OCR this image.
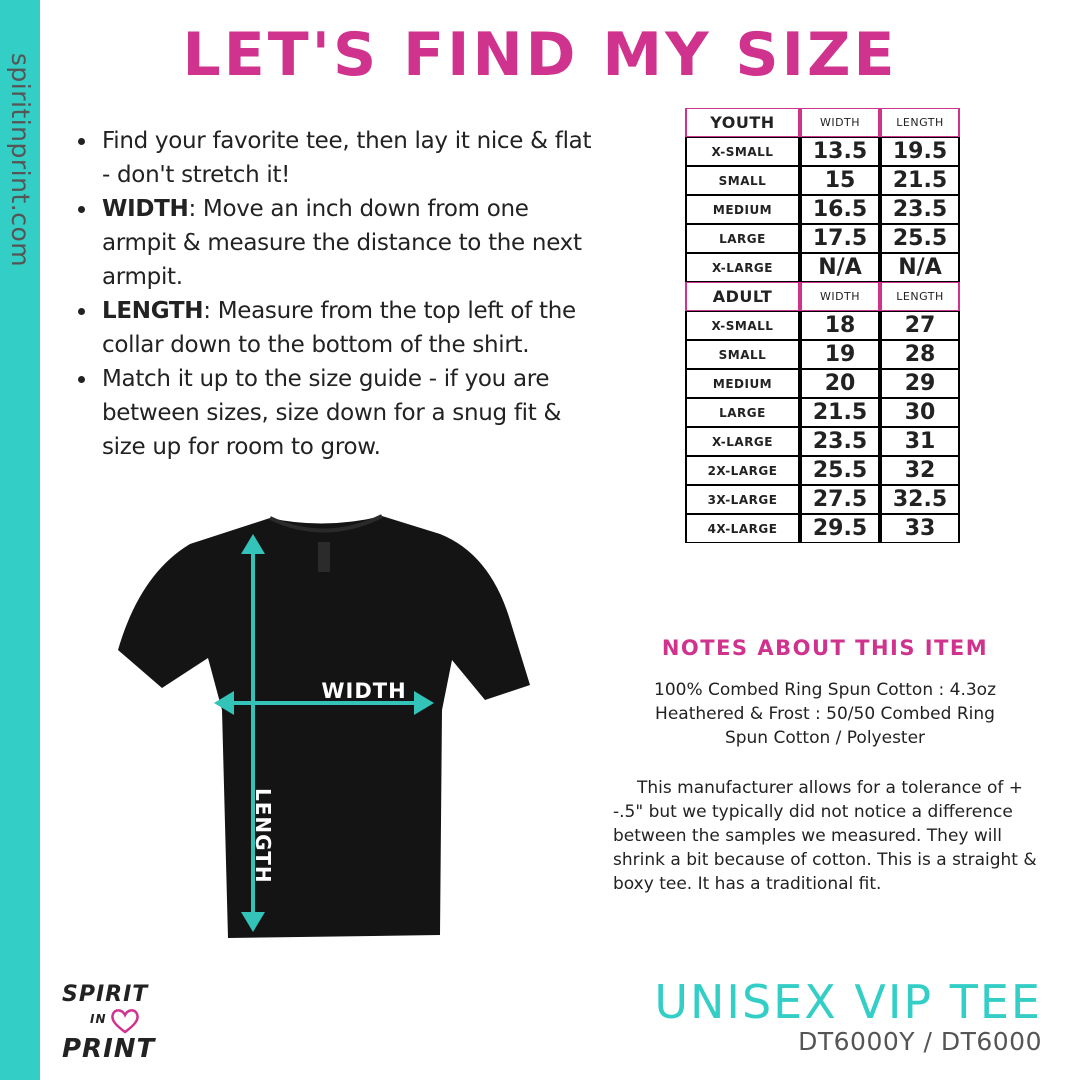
spiritinprint.com	LET'S FIND MY SIZE
Find your favorite tee, then lay it nice & flat - don't stretch it!
WIDTH: Move an inch down from one armpit & measure the distance to the next armpit.
LENGTH: Measure from the top left of the collar down to the bottom of the shirt.
Match it up to the size guide - if you are between sizes, size down for a snug fit & size up for room to grow.
WIDTH
LENGTH
YOUTH	WIDTH	LENGTH
X-SMALL	13.5	19.5
SMALL	15	21.5
MEDIUM	16.5	23.5
LARGE	17.5	25.5
X-LARGE	N/A	N/A
ADULT	WIDTH	LENGTH
X-SMALL	18	27
SMALL	19	28
MEDIUM	20	29
LARGE	21.5	30
X-LARGE	23.5	31
2X-LARGE	25.5	32
3X-LARGE	27.5	32.5
4X-LARGE	29.5	33
NOTES ABOUT THIS ITEM
100% Combed Ring Spun Cotton : 4.3oz
Heathered & Frost : 50/50 Combed Ring
Spun Cotton / Polyester
This manufacturer allows for a tolerance of + -.5" but we typically did not notice a difference between the samples we measured. They will shrink a bit because of cotton. This is a straight & boxy tee. It has a traditional fit.
SPIRIT
IN
PRINT
UNISEX VIP TEE
DT6000Y / DT6000
